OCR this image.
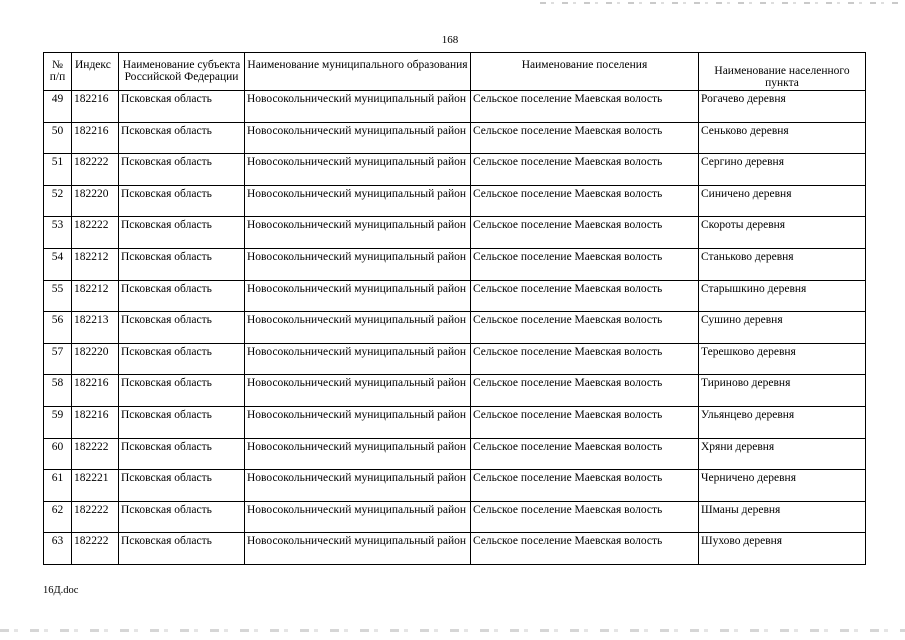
168
№ п/п	Индекс	Наименование субъекта Российской Федерации	Наименование муниципального образования	Наименование поселения	Наименование населенного пункта
49	182216	Псковская область	Новосокольнический муниципальный район	Сельское поселение Маевская волость	Рогачево деревня
50	182216	Псковская область	Новосокольнический муниципальный район	Сельское поселение Маевская волость	Сеньково деревня
51	182222	Псковская область	Новосокольнический муниципальный район	Сельское поселение Маевская волость	Сергино деревня
52	182220	Псковская область	Новосокольнический муниципальный район	Сельское поселение Маевская волость	Синичено деревня
53	182222	Псковская область	Новосокольнический муниципальный район	Сельское поселение Маевская волость	Скороты деревня
54	182212	Псковская область	Новосокольнический муниципальный район	Сельское поселение Маевская волость	Станьково деревня
55	182212	Псковская область	Новосокольнический муниципальный район	Сельское поселение Маевская волость	Старышкино деревня
56	182213	Псковская область	Новосокольнический муниципальный район	Сельское поселение Маевская волость	Сушино деревня
57	182220	Псковская область	Новосокольнический муниципальный район	Сельское поселение Маевская волость	Терешково деревня
58	182216	Псковская область	Новосокольнический муниципальный район	Сельское поселение Маевская волость	Тириново деревня
59	182216	Псковская область	Новосокольнический муниципальный район	Сельское поселение Маевская волость	Ульянцево деревня
60	182222	Псковская область	Новосокольнический муниципальный район	Сельское поселение Маевская волость	Хряни деревня
61	182221	Псковская область	Новосокольнический муниципальный район	Сельское поселение Маевская волость	Черничено деревня
62	182222	Псковская область	Новосокольнический муниципальный район	Сельское поселение Маевская волость	Шманы деревня
63	182222	Псковская область	Новосокольнический муниципальный район	Сельское поселение Маевская волость	Шухово деревня
16Д.doc
